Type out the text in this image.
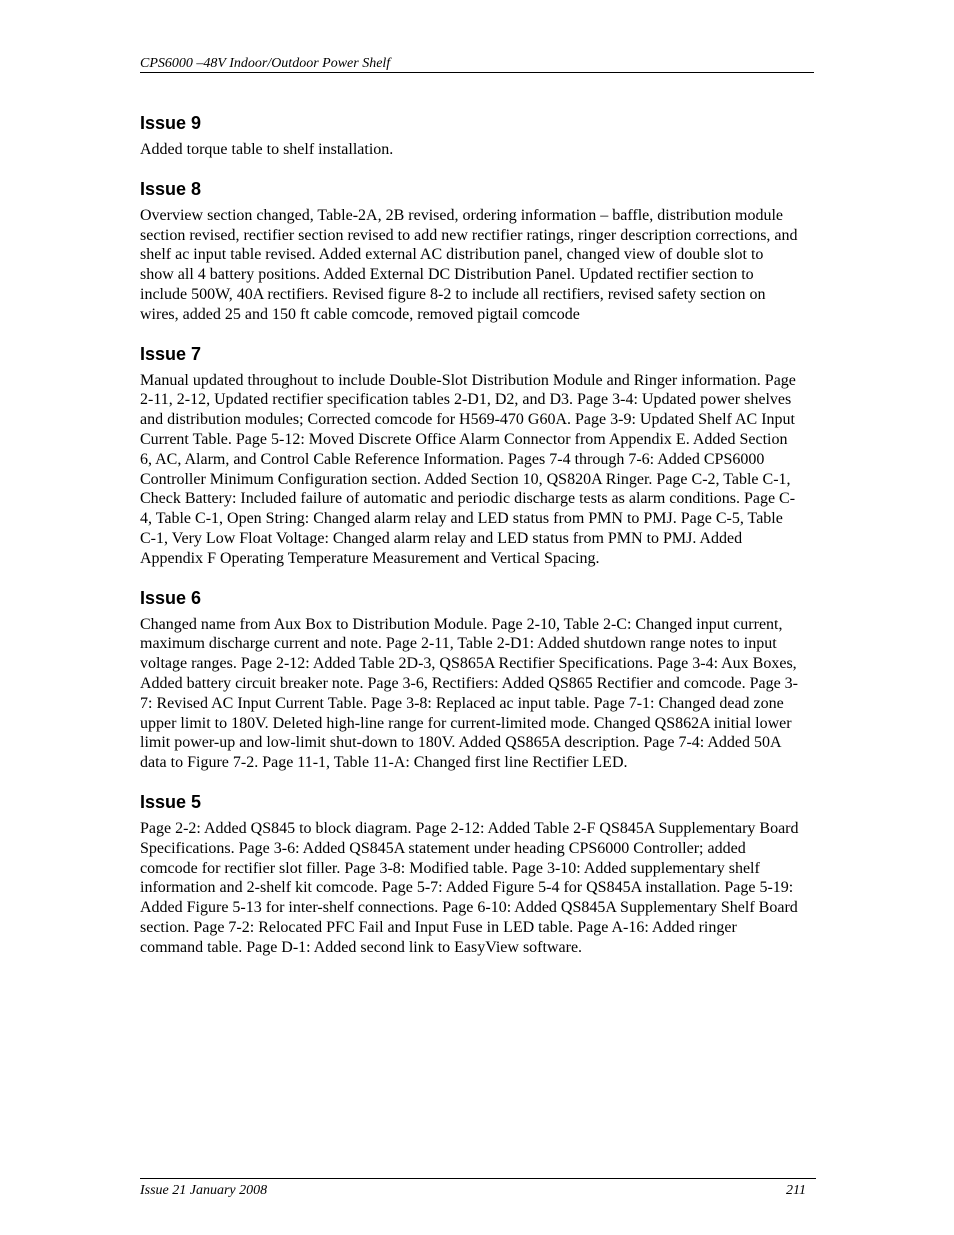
CPS6000 –48V Indoor/Outdoor Power Shelf
Issue 9
Added torque table to shelf installation.
Issue 8
Overview section changed, Table-2A, 2B revised, ordering information – baffle, distribution module section revised, rectifier section revised to add new rectifier ratings, ringer description corrections, and shelf ac input table revised. Added external AC distribution panel, changed view of double slot to show all 4 battery positions. Added External DC Distribution Panel. Updated rectifier section to include 500W, 40A rectifiers. Revised figure 8-2 to include all rectifiers, revised safety section on wires, added 25 and 150 ft cable comcode, removed pigtail comcode
Issue 7
Manual updated throughout to include Double-Slot Distribution Module and Ringer information. Page 2-11, 2-12, Updated rectifier specification tables 2-D1, D2, and D3. Page 3-4: Updated power shelves and distribution modules; Corrected comcode for H569-470 G60A. Page 3-9: Updated Shelf AC Input Current Table. Page 5-12: Moved Discrete Office Alarm Connector from Appendix E. Added Section 6, AC, Alarm, and Control Cable Reference Information. Pages 7-4 through 7-6: Added CPS6000 Controller Minimum Configuration section. Added Section 10, QS820A Ringer. Page C-2, Table C-1, Check Battery: Included failure of automatic and periodic discharge tests as alarm conditions. Page C-4, Table C-1, Open String: Changed alarm relay and LED status from PMN to PMJ. Page C-5, Table C-1, Very Low Float Voltage: Changed alarm relay and LED status from PMN to PMJ. Added Appendix F Operating Temperature Measurement and Vertical Spacing.
Issue 6
Changed name from Aux Box to Distribution Module. Page 2-10, Table 2-C: Changed input current, maximum discharge current and note. Page 2-11, Table 2-D1: Added shutdown range notes to input voltage ranges. Page 2-12: Added Table 2D-3, QS865A Rectifier Specifications. Page 3-4: Aux Boxes, Added battery circuit breaker note. Page 3-6, Rectifiers: Added QS865 Rectifier and comcode. Page 3-7: Revised AC Input Current Table. Page 3-8: Replaced ac input table. Page 7-1: Changed dead zone upper limit to 180V. Deleted high-line range for current-limited mode. Changed QS862A initial lower limit power-up and low-limit shut-down to 180V. Added QS865A description. Page 7-4: Added 50A data to Figure 7-2. Page 11-1, Table 11-A: Changed first line Rectifier LED.
Issue 5
Page 2-2: Added QS845 to block diagram. Page 2-12: Added Table 2-F QS845A Supplementary Board Specifications. Page 3-6: Added QS845A statement under heading CPS6000 Controller; added comcode for rectifier slot filler. Page 3-8: Modified table. Page 3-10: Added supplementary shelf information and 2-shelf kit comcode. Page 5-7: Added Figure 5-4 for QS845A installation. Page 5-19: Added Figure 5-13 for inter-shelf connections. Page 6-10: Added QS845A Supplementary Shelf Board section. Page 7-2: Relocated PFC Fail and Input Fuse in LED table. Page A-16: Added ringer command table. Page D-1: Added second link to EasyView software.
Issue 21 January 2008	211
